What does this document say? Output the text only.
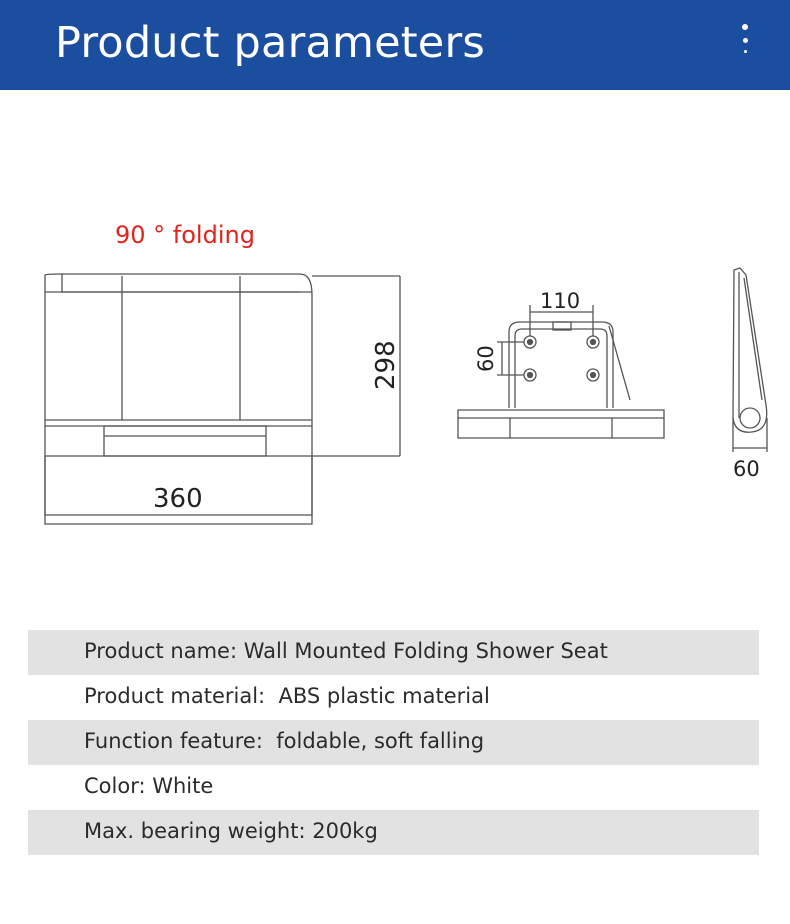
Product parameters
90 ° folding
360
298
110
60
60
Product name: Wall Mounted Folding Shower Seat
Product material:  ABS plastic material
Function feature:  foldable, soft falling
Color: White
Max. bearing weight: 200kg
